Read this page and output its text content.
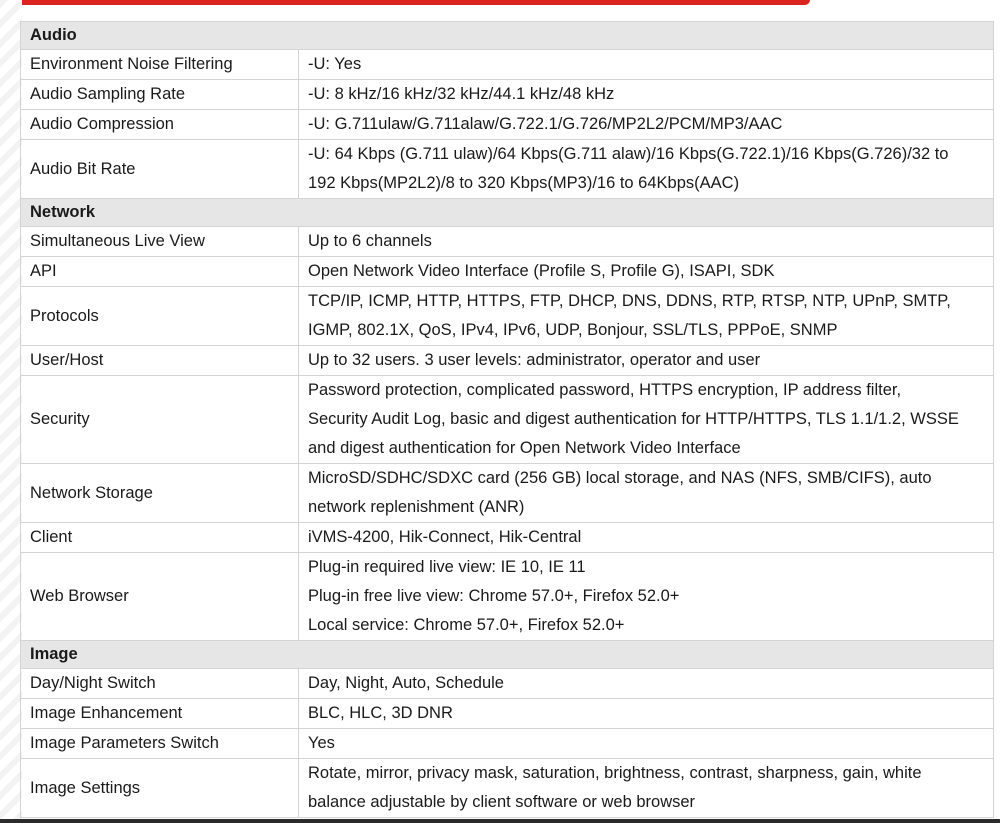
Audio	
Environment Noise Filtering	-U: Yes

Audio Sampling Rate	-U: 8 kHz/16 kHz/32 kHz/44.1 kHz/48 kHz

Audio Compression	-U: G.711ulaw/G.711alaw/G.722.1/G.726/MP2L2/PCM/MP3/AAC

Audio Bit Rate	-U: 64 Kbps (G.711 ulaw)/64 Kbps(G.711 alaw)/16 Kbps(G.722.1)/16 Kbps(G.726)/32 to
192 Kbps(MP2L2)/8 to 320 Kbps(MP3)/16 to 64Kbps(AAC)

Network	
Simultaneous Live View	Up to 6 channels

API	Open Network Video Interface (Profile S, Profile G), ISAPI, SDK

Protocols	TCP/IP, ICMP, HTTP, HTTPS, FTP, DHCP, DNS, DDNS, RTP, RTSP, NTP, UPnP, SMTP,
IGMP, 802.1X, QoS, IPv4, IPv6, UDP, Bonjour, SSL/TLS, PPPoE, SNMP

User/Host	Up to 32 users. 3 user levels: administrator, operator and user

Security	Password protection, complicated password, HTTPS encryption, IP address filter,
Security Audit Log, basic and digest authentication for HTTP/HTTPS, TLS 1.1/1.2, WSSE
and digest authentication for Open Network Video Interface

Network Storage	MicroSD/SDHC/SDXC card (256 GB) local storage, and NAS (NFS, SMB/CIFS), auto
network replenishment (ANR)

Client	iVMS-4200, Hik-Connect, Hik-Central

Web Browser	Plug-in required live view: IE 10, IE 11
Plug-in free live view: Chrome 57.0+, Firefox 52.0+
Local service: Chrome 57.0+, Firefox 52.0+

Image	
Day/Night Switch	Day, Night, Auto, Schedule

Image Enhancement	BLC, HLC, 3D DNR

Image Parameters Switch	Yes

Image Settings	Rotate, mirror, privacy mask, saturation, brightness, contrast, sharpness, gain, white
balance adjustable by client software or web browser
